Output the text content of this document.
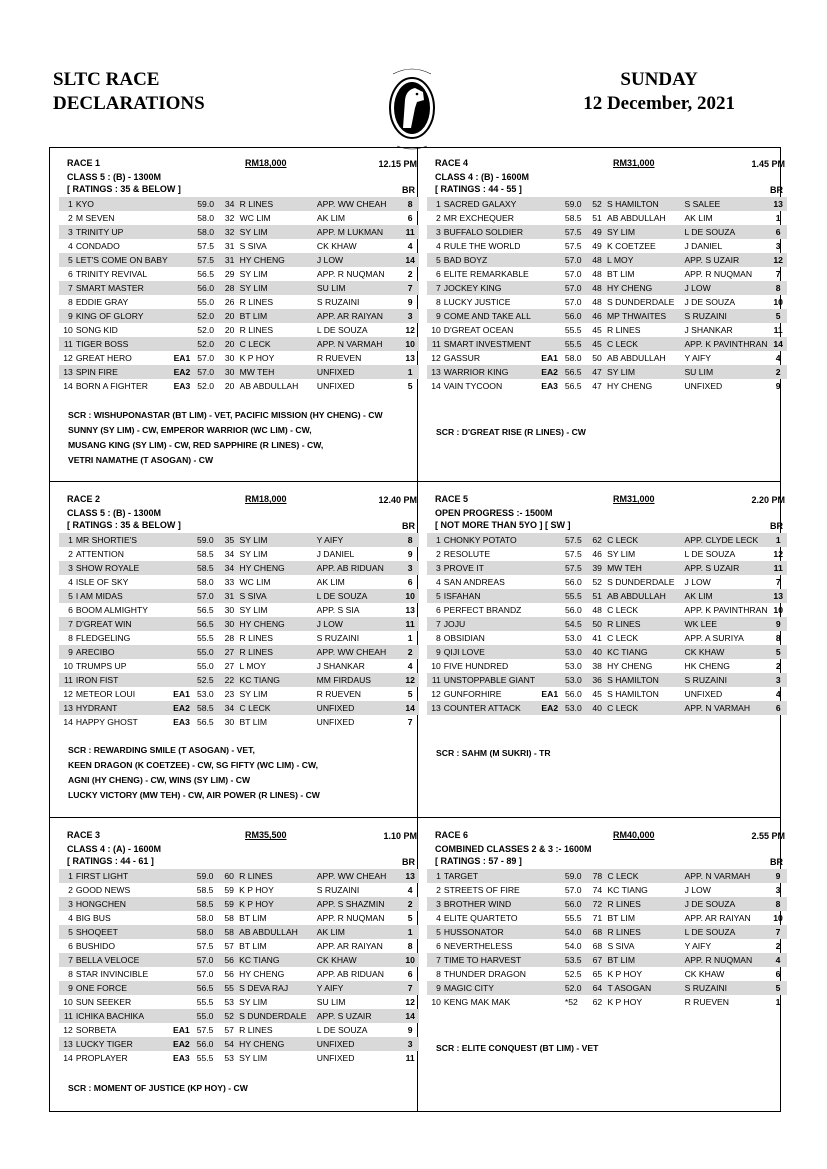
SLTC RACE
DECLARATIONS
SUNDAY
12 December, 2021
RACE 1	RM18,000	12.15 PM
CLASS 5 : (B) - 1300M
[ RATINGS : 35 & BELOW ]	BR
1	KYO		59.0	34	R LINES	APP. WW CHEAH	8
2	M SEVEN		58.0	32	WC LIM	AK LIM	6
3	TRINITY UP		58.0	32	SY LIM	APP. M LUKMAN	11
4	CONDADO		57.5	31	S SIVA	CK KHAW	4
5	LET'S COME ON BABY		57.5	31	HY CHENG	J LOW	14
6	TRINITY REVIVAL		56.5	29	SY LIM	APP. R NUQMAN	2
7	SMART MASTER		56.0	28	SY LIM	SU LIM	7
8	EDDIE GRAY		55.0	26	R LINES	S RUZAINI	9
9	KING OF GLORY		52.0	20	BT LIM	APP. AR RAIYAN	3
10	SONG KID		52.0	20	R LINES	L DE SOUZA	12
11	TIGER BOSS		52.0	20	C LECK	APP. N VARMAH	10
12	GREAT HERO	EA1	57.0	30	K P HOY	R RUEVEN	13
13	SPIN FIRE	EA2	57.0	30	MW TEH	UNFIXED	1
14	BORN A FIGHTER	EA3	52.0	20	AB ABDULLAH	UNFIXED	5
SCR : WISHUPONASTAR (BT LIM) - VET, PACIFIC MISSION (HY CHENG) - CW
SUNNY (SY LIM) - CW, EMPEROR WARRIOR (WC LIM) - CW,
MUSANG KING (SY LIM) - CW, RED SAPPHIRE (R LINES) - CW,
VETRI NAMATHE (T ASOGAN) - CW
RACE 4	RM31,000	1.45 PM
CLASS 4 : (B) - 1600M
[ RATINGS : 44 - 55 ]	BR
1	SACRED GALAXY		59.0	52	S HAMILTON	S SALEE	13
2	MR EXCHEQUER		58.5	51	AB ABDULLAH	AK LIM	1
3	BUFFALO SOLDIER		57.5	49	SY LIM	L DE SOUZA	6
4	RULE THE WORLD		57.5	49	K COETZEE	J DANIEL	3
5	BAD BOYZ		57.0	48	L MOY	APP. S UZAIR	12
6	ELITE REMARKABLE		57.0	48	BT LIM	APP. R NUQMAN	7
7	JOCKEY KING		57.0	48	HY CHENG	J LOW	8
8	LUCKY JUSTICE		57.0	48	S DUNDERDALE	J DE SOUZA	10
9	COME AND TAKE ALL		56.0	46	MP THWAITES	S RUZAINI	5
10	D'GREAT OCEAN		55.5	45	R LINES	J SHANKAR	11
11	SMART INVESTMENT		55.5	45	C LECK	APP. K PAVINTHRAN	14
12	GASSUR	EA1	58.0	50	AB ABDULLAH	Y AIFY	4
13	WARRIOR KING	EA2	56.5	47	SY LIM	SU LIM	2
14	VAIN TYCOON	EA3	56.5	47	HY CHENG	UNFIXED	9
SCR : D'GREAT RISE (R LINES) - CW
RACE 2	RM18,000	12.40 PM
CLASS 5 : (B) - 1300M
[ RATINGS : 35 & BELOW ]	BR
1	MR SHORTIE'S		59.0	35	SY LIM	Y AIFY	8
2	ATTENTION		58.5	34	SY LIM	J DANIEL	9
3	SHOW ROYALE		58.5	34	HY CHENG	APP. AB RIDUAN	3
4	ISLE OF SKY		58.0	33	WC LIM	AK LIM	6
5	I AM MIDAS		57.0	31	S SIVA	L DE SOUZA	10
6	BOOM ALMIGHTY		56.5	30	SY LIM	APP. S SIA	13
7	D'GREAT WIN		56.5	30	HY CHENG	J LOW	11
8	FLEDGELING		55.5	28	R LINES	S RUZAINI	1
9	ARECIBO		55.0	27	R LINES	APP. WW CHEAH	2
10	TRUMPS UP		55.0	27	L MOY	J SHANKAR	4
11	IRON FIST		52.5	22	KC TIANG	MM FIRDAUS	12
12	METEOR LOUI	EA1	53.0	23	SY LIM	R RUEVEN	5
13	HYDRANT	EA2	58.5	34	C LECK	UNFIXED	14
14	HAPPY GHOST	EA3	56.5	30	BT LIM	UNFIXED	7
SCR : REWARDING SMILE (T ASOGAN) - VET,
KEEN DRAGON (K COETZEE) - CW, SG FIFTY (WC LIM) - CW,
AGNI (HY CHENG) - CW, WINS (SY LIM) - CW
LUCKY VICTORY (MW TEH) - CW, AIR POWER (R LINES) - CW
RACE 5	RM31,000	2.20 PM
OPEN PROGRESS :- 1500M
[ NOT MORE THAN 5YO ] [ SW ]	BR
1	CHONKY POTATO		57.5	62	C LECK	APP. CLYDE LECK	1
2	RESOLUTE		57.5	46	SY LIM	L DE SOUZA	12
3	PROVE IT		57.5	39	MW TEH	APP. S UZAIR	11
4	SAN ANDREAS		56.0	52	S DUNDERDALE	J LOW	7
5	ISFAHAN		55.5	51	AB ABDULLAH	AK LIM	13
6	PERFECT BRANDZ		56.0	48	C LECK	APP. K PAVINTHRAN	10
7	JOJU		54.5	50	R LINES	WK LEE	9
8	OBSIDIAN		53.0	41	C LECK	APP. A SURIYA	8
9	QIJI LOVE		53.0	40	KC TIANG	CK KHAW	5
10	FIVE HUNDRED		53.0	38	HY CHENG	HK CHENG	2
11	UNSTOPPABLE GIANT		53.0	36	S HAMILTON	S RUZAINI	3
12	GUNFORHIRE	EA1	56.0	45	S HAMILTON	UNFIXED	4
13	COUNTER ATTACK	EA2	53.0	40	C LECK	APP. N VARMAH	6
SCR : SAHM (M SUKRI) - TR
RACE 3	RM35,500	1.10 PM
CLASS 4 : (A) - 1600M
[ RATINGS : 44 - 61 ]	BR
1	FIRST LIGHT		59.0	60	R LINES	APP. WW CHEAH	13
2	GOOD NEWS		58.5	59	K P HOY	S RUZAINI	4
3	HONGCHEN		58.5	59	K P HOY	APP. S SHAZMIN	2
4	BIG BUS		58.0	58	BT LIM	APP. R NUQMAN	5
5	SHOQEET		58.0	58	AB ABDULLAH	AK LIM	1
6	BUSHIDO		57.5	57	BT LIM	APP. AR RAIYAN	8
7	BELLA VELOCE		57.0	56	KC TIANG	CK KHAW	10
8	STAR INVINCIBLE		57.0	56	HY CHENG	APP. AB RIDUAN	6
9	ONE FORCE		56.5	55	S DEVA RAJ	Y AIFY	7
10	SUN SEEKER		55.5	53	SY LIM	SU LIM	12
11	ICHIKA BACHIKA		55.0	52	S DUNDERDALE	APP. S UZAIR	14
12	SORBETA	EA1	57.5	57	R LINES	L DE SOUZA	9
13	LUCKY TIGER	EA2	56.0	54	HY CHENG	UNFIXED	3
14	PROPLAYER	EA3	55.5	53	SY LIM	UNFIXED	11
SCR : MOMENT OF JUSTICE (KP HOY) - CW
RACE 6	RM40,000	2.55 PM
COMBINED CLASSES 2 & 3 :- 1600M
[ RATINGS : 57 - 89 ]	BR
1	TARGET		59.0	78	C LECK	APP. N VARMAH	9
2	STREETS OF FIRE		57.0	74	KC TIANG	J LOW	3
3	BROTHER WIND		56.0	72	R LINES	J DE SOUZA	8
4	ELITE QUARTETO		55.5	71	BT LIM	APP. AR RAIYAN	10
5	HUSSONATOR		54.0	68	R LINES	L DE SOUZA	7
6	NEVERTHELESS		54.0	68	S SIVA	Y AIFY	2
7	TIME TO HARVEST		53.5	67	BT LIM	APP. R NUQMAN	4
8	THUNDER DRAGON		52.5	65	K P HOY	CK KHAW	6
9	MAGIC CITY		52.0	64	T ASOGAN	S RUZAINI	5
10	KENG MAK MAK		*52	62	K P HOY	R RUEVEN	1
SCR : ELITE CONQUEST (BT LIM) - VET
